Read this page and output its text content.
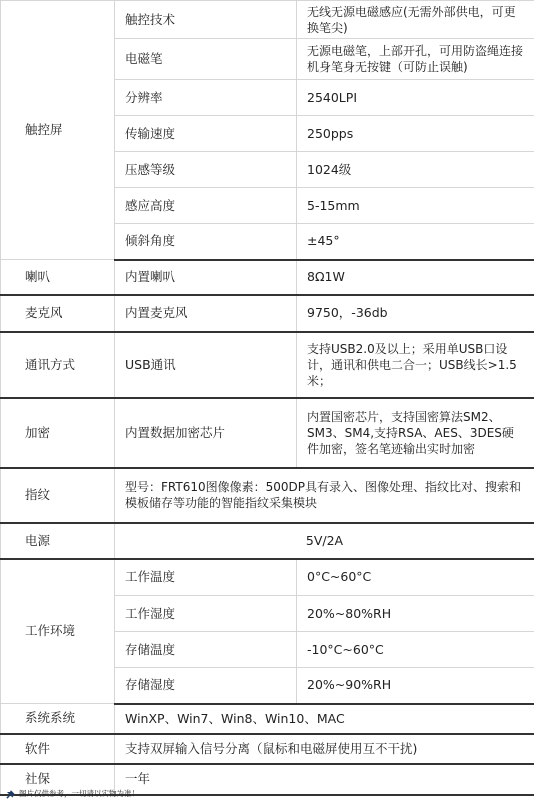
触控屏	触控技术	无线无源电磁感应(无需外部供电，可更换笔尖)
	电磁笔	无源电磁笔，上部开孔，可用防盗绳连接机身笔身无按键（可防止误触)
	分辨率	2540LPI
	传输速度	250pps
	压感等级	1024级
	感应高度	5-15mm
	倾斜角度	±45°
喇叭	内置喇叭	8Ω1W
麦克风	内置麦克风	9750，-36db
通讯方式	USB通讯	支持USB2.0及以上；采用单USB口设计，通讯和供电二合一；USB线长>1.5米；
加密	内置数据加密芯片	内置国密芯片，支持国密算法SM2、SM3、SM4,支持RSA、AES、3DES硬件加密，签名笔迹输出实时加密
指纹	型号：FRT610图像像素：500DP具有录入、图像处理、指纹比对、搜索和模板储存等功能的智能指纹采集模块	
电源	5V/2A	
工作环境	工作温度	0°C~60°C
	工作湿度	20%~80%RH
	存储温度	-10°C~60°C
	存储湿度	20%~90%RH
系统系统	WinXP、Win7、Win8、Win10、MAC	
软件	支持双屏输入信号分离（鼠标和电磁屏使用互不干扰)	
社保	一年	
图片仅供参考，一切请以实物为准！
